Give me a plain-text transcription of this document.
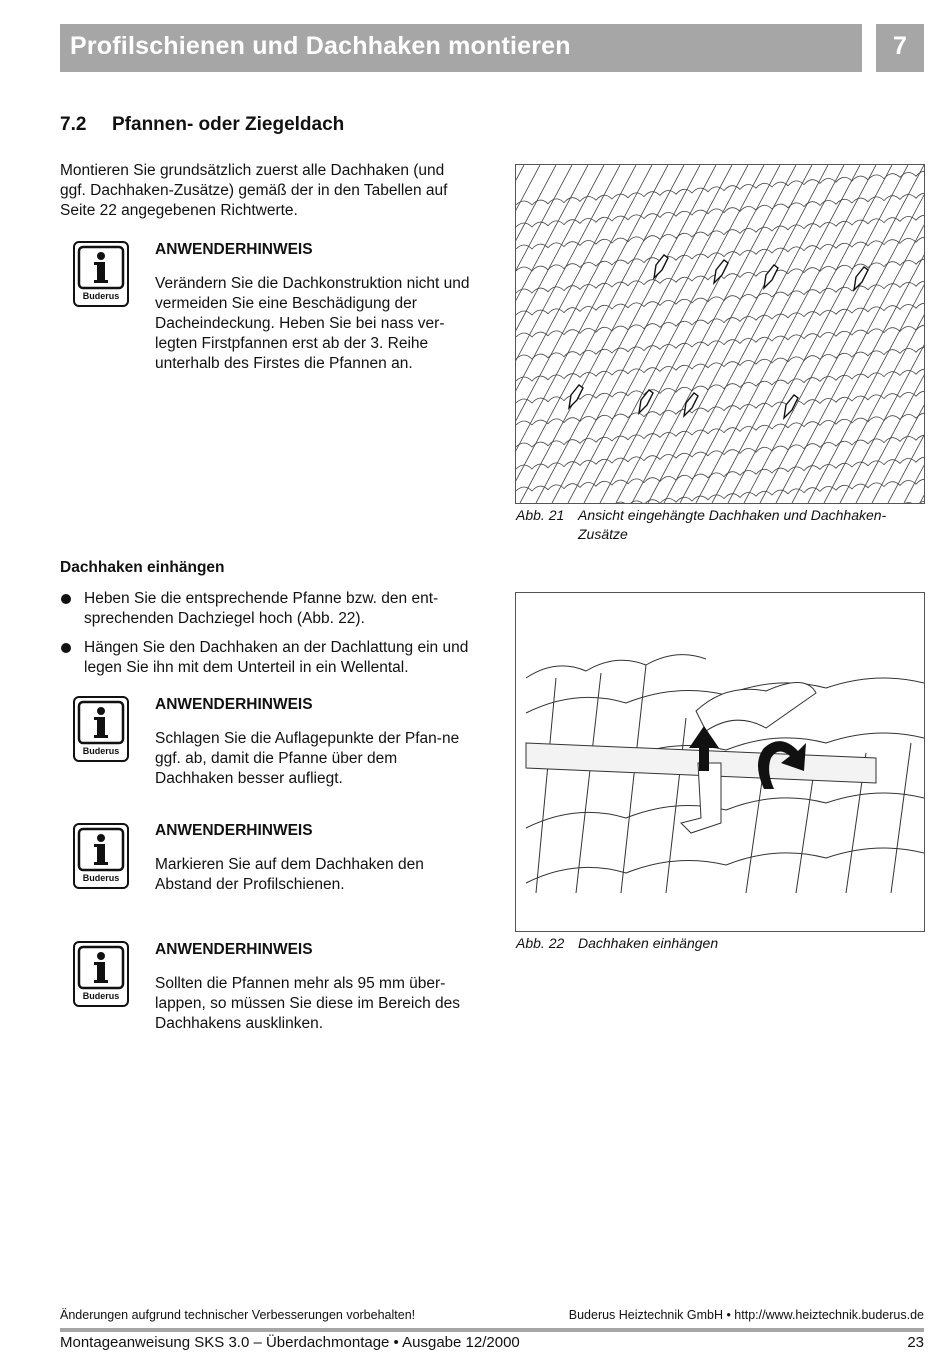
Profilschienen und Dachhaken montieren	7
7.2 Pfannen- oder Ziegeldach
Montieren Sie grundsätzlich zuerst alle Dachhaken (und ggf. Dachhaken-Zusätze) gemäß der in den Tabellen auf Seite 22 angegebenen Richtwerte.
Buderus
ANWENDERHINWEIS
Verändern Sie die Dachkonstruktion nicht und vermeiden Sie eine Beschädigung der Dacheindeckung. Heben Sie bei nass ver-legten Firstpfannen erst ab der 3. Reihe unterhalb des Firstes die Pfannen an.
Abb. 21 Ansicht eingehängte Dachhaken und Dachhaken-Zusätze
Dachhaken einhängen
Heben Sie die entsprechende Pfanne bzw. den ent-sprechenden Dachziegel hoch (Abb. 22).
Hängen Sie den Dachhaken an der Dachlattung ein und legen Sie ihn mit dem Unterteil in ein Wellental.
Abb. 22 Dachhaken einhängen
Buderus
ANWENDERHINWEIS
Schlagen Sie die Auflagepunkte der Pfan-ne ggf. ab, damit die Pfanne über dem Dachhaken besser aufliegt.
Buderus
ANWENDERHINWEIS
Markieren Sie auf dem Dachhaken den Abstand der Profilschienen.
Buderus
ANWENDERHINWEIS
Sollten die Pfannen mehr als 95 mm über-lappen, so müssen Sie diese im Bereich des Dachhakens ausklinken.
Änderungen aufgrund technischer Verbesserungen vorbehalten!	Buderus Heiztechnik GmbH • http://www.heiztechnik.buderus.de
Montageanweisung SKS 3.0 – Überdachmontage • Ausgabe 12/2000	23
